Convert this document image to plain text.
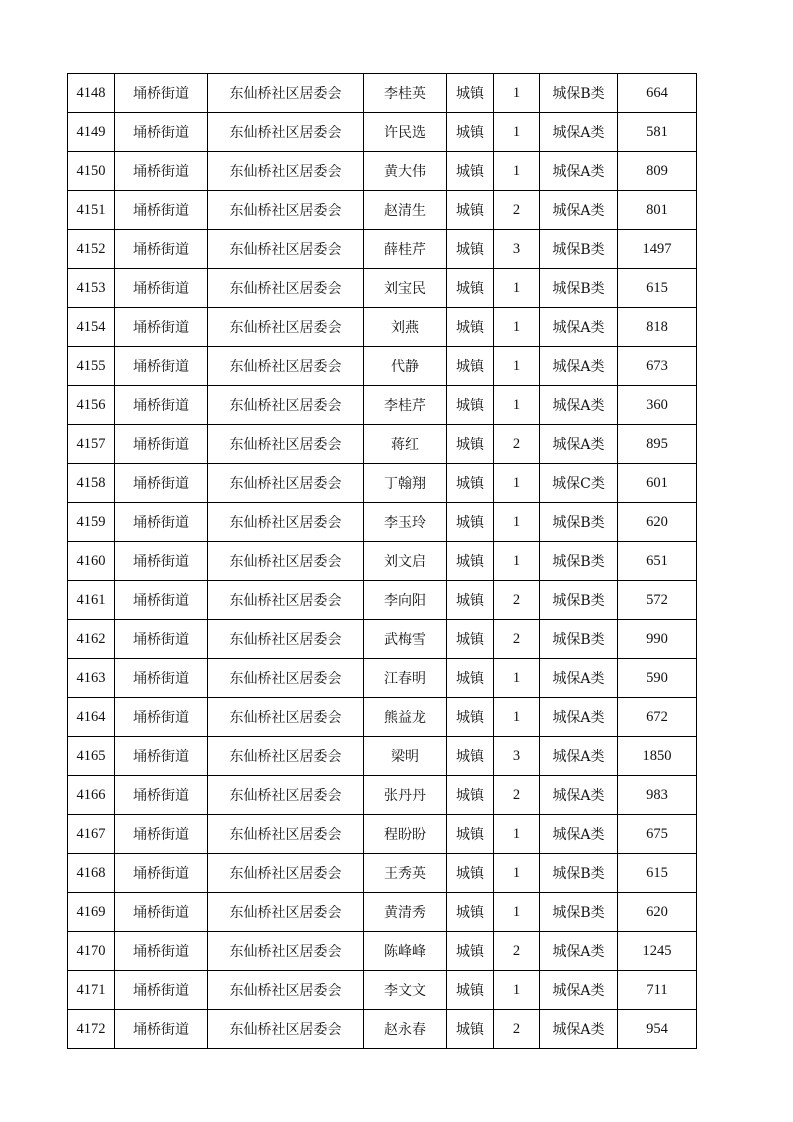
4148	埇桥街道	东仙桥社区居委会	李桂英	城镇	1	城保B类	664
4149	埇桥街道	东仙桥社区居委会	许民选	城镇	1	城保A类	581
4150	埇桥街道	东仙桥社区居委会	黄大伟	城镇	1	城保A类	809
4151	埇桥街道	东仙桥社区居委会	赵清生	城镇	2	城保A类	801
4152	埇桥街道	东仙桥社区居委会	薛桂芹	城镇	3	城保B类	1497
4153	埇桥街道	东仙桥社区居委会	刘宝民	城镇	1	城保B类	615
4154	埇桥街道	东仙桥社区居委会	刘燕	城镇	1	城保A类	818
4155	埇桥街道	东仙桥社区居委会	代静	城镇	1	城保A类	673
4156	埇桥街道	东仙桥社区居委会	李桂芹	城镇	1	城保A类	360
4157	埇桥街道	东仙桥社区居委会	蒋红	城镇	2	城保A类	895
4158	埇桥街道	东仙桥社区居委会	丁翰翔	城镇	1	城保C类	601
4159	埇桥街道	东仙桥社区居委会	李玉玲	城镇	1	城保B类	620
4160	埇桥街道	东仙桥社区居委会	刘文启	城镇	1	城保B类	651
4161	埇桥街道	东仙桥社区居委会	李向阳	城镇	2	城保B类	572
4162	埇桥街道	东仙桥社区居委会	武梅雪	城镇	2	城保B类	990
4163	埇桥街道	东仙桥社区居委会	江春明	城镇	1	城保A类	590
4164	埇桥街道	东仙桥社区居委会	熊益龙	城镇	1	城保A类	672
4165	埇桥街道	东仙桥社区居委会	梁明	城镇	3	城保A类	1850
4166	埇桥街道	东仙桥社区居委会	张丹丹	城镇	2	城保A类	983
4167	埇桥街道	东仙桥社区居委会	程盼盼	城镇	1	城保A类	675
4168	埇桥街道	东仙桥社区居委会	王秀英	城镇	1	城保B类	615
4169	埇桥街道	东仙桥社区居委会	黄清秀	城镇	1	城保B类	620
4170	埇桥街道	东仙桥社区居委会	陈峰峰	城镇	2	城保A类	1245
4171	埇桥街道	东仙桥社区居委会	李文文	城镇	1	城保A类	711
4172	埇桥街道	东仙桥社区居委会	赵永春	城镇	2	城保A类	954
